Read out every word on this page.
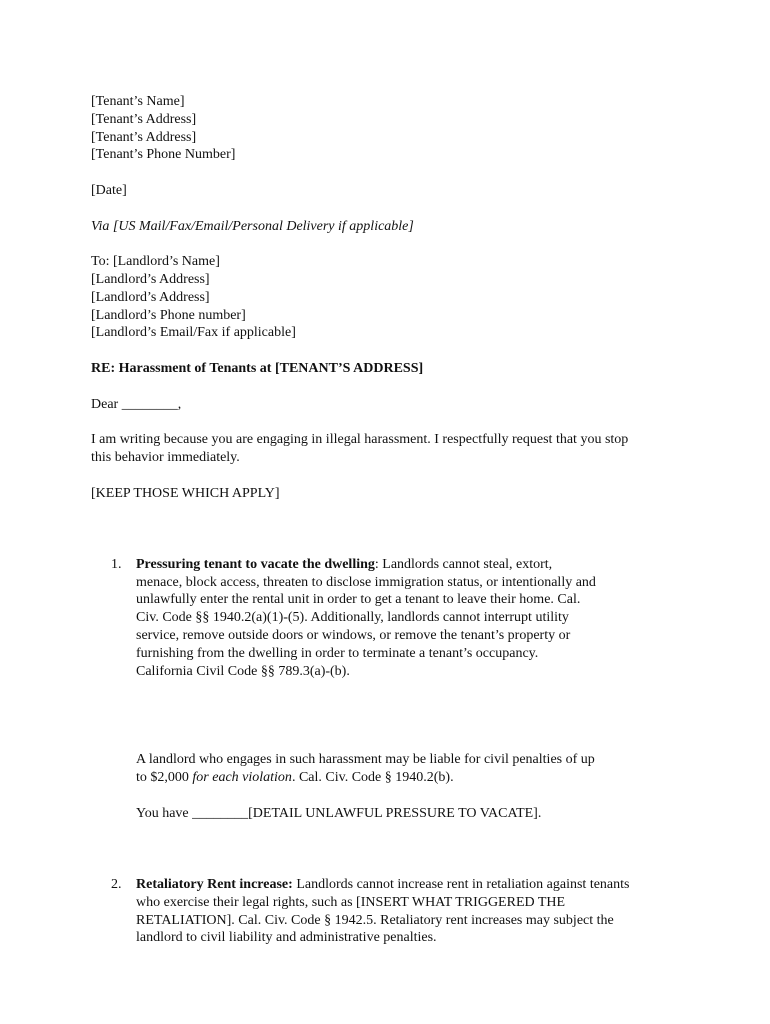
[Tenant’s Name]
[Tenant’s Address]
[Tenant’s Address]
[Tenant’s Phone Number]
[Date]
Via [US Mail/Fax/Email/Personal Delivery if applicable]
To: [Landlord’s Name]
[Landlord’s Address]
[Landlord’s Address]
[Landlord’s Phone number]
[Landlord’s Email/Fax if applicable]
RE: Harassment of Tenants at [TENANT’S ADDRESS]
Dear ________,
I am writing because you are engaging in illegal harassment. I respectfully request that you stop
this behavior immediately.
[KEEP THOSE WHICH APPLY]
1. Pressuring tenant to vacate the dwelling: Landlords cannot steal, extort,
menace, block access, threaten to disclose immigration status, or intentionally and
unlawfully enter the rental unit in order to get a tenant to leave their home. Cal.
Civ. Code §§ 1940.2(a)(1)-(5). Additionally, landlords cannot interrupt utility
service, remove outside doors or windows, or remove the tenant’s property or
furnishing from the dwelling in order to terminate a tenant’s occupancy.
California Civil Code §§ 789.3(a)-(b).
A landlord who engages in such harassment may be liable for civil penalties of up
to $2,000 for each violation. Cal. Civ. Code § 1940.2(b).
You have ________[DETAIL UNLAWFUL PRESSURE TO VACATE].
2. Retaliatory Rent increase: Landlords cannot increase rent in retaliation against tenants
who exercise their legal rights, such as [INSERT WHAT TRIGGERED THE
RETALIATION]. Cal. Civ. Code § 1942.5. Retaliatory rent increases may subject the
landlord to civil liability and administrative penalties.
